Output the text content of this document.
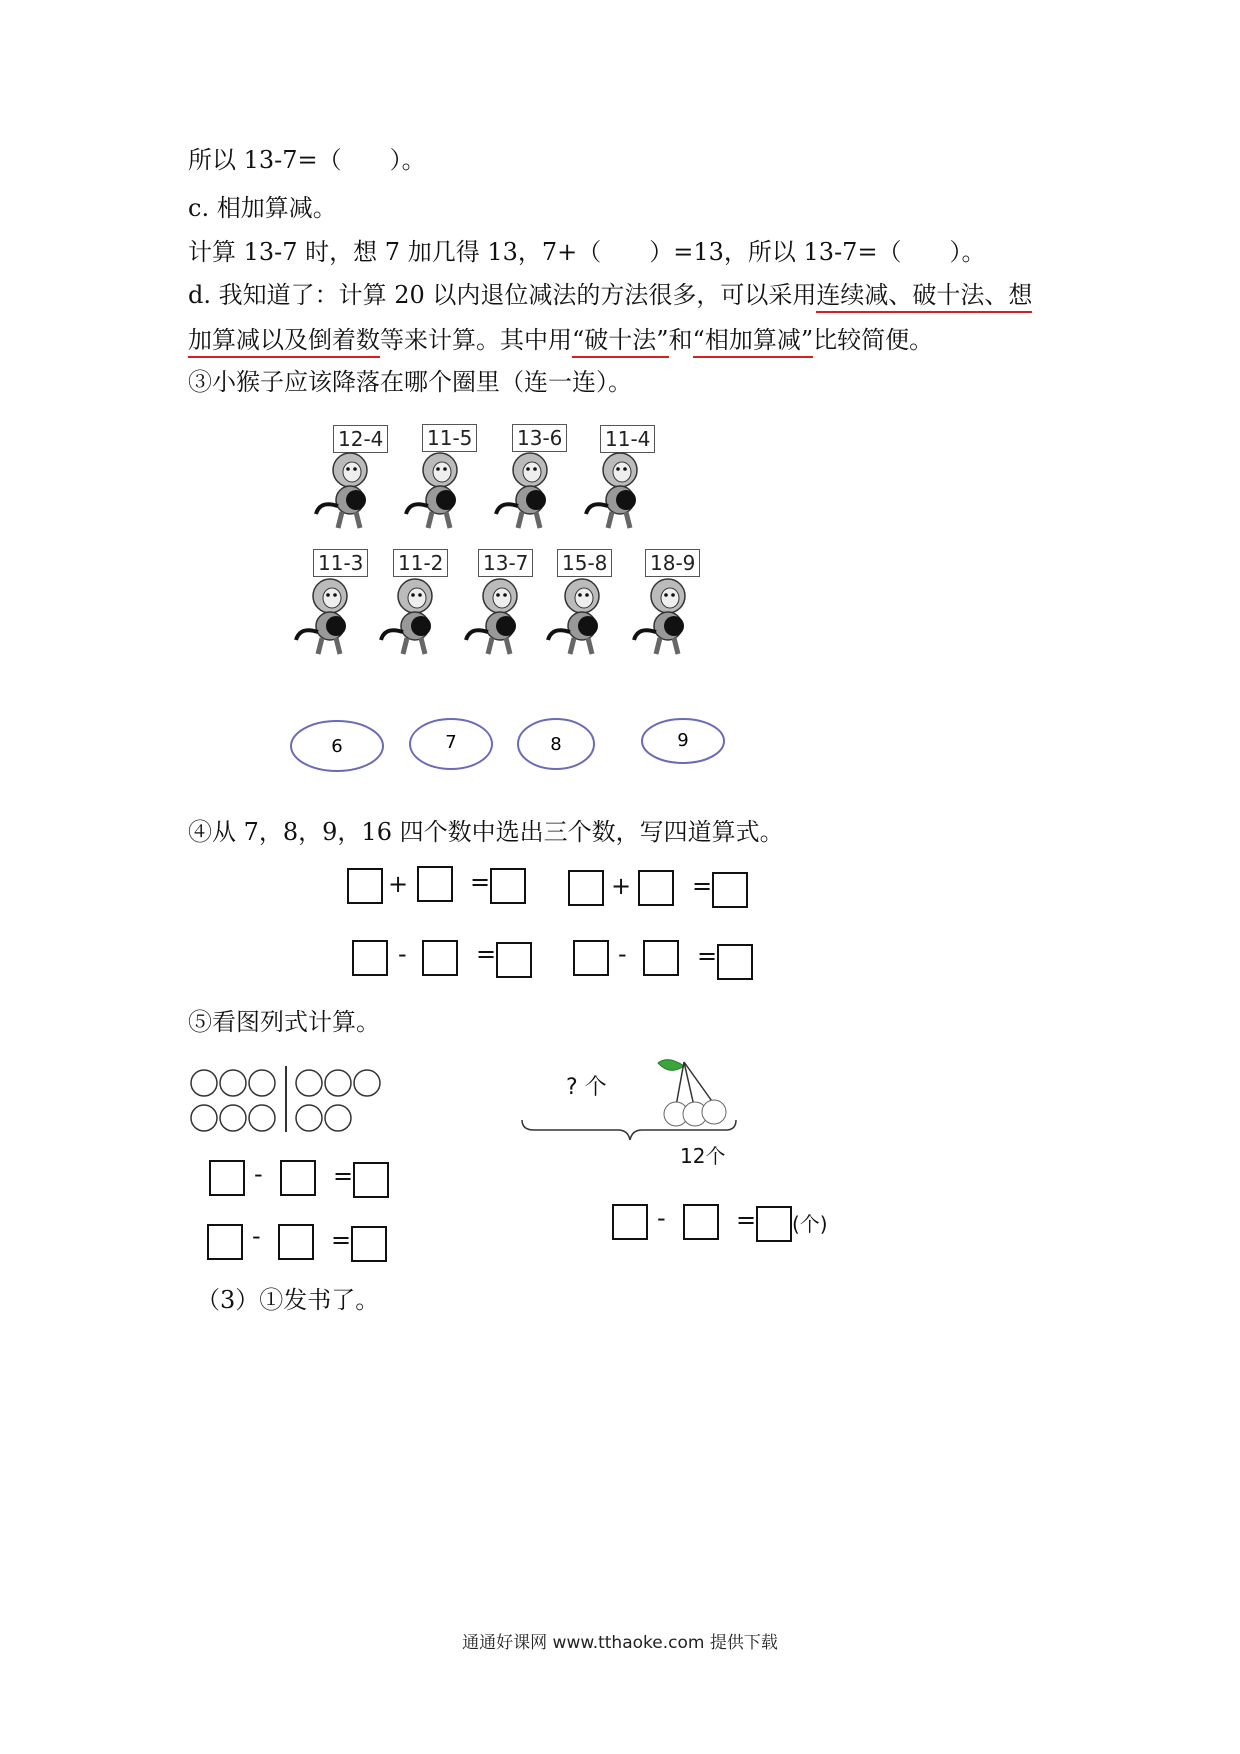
所以 13-7=（　　）。
c. 相加算减。
计算 13-7 时，想 7 加几得 13，7+（　　）=13，所以 13-7=（　　）。
d. 我知道了：计算 20 以内退位减法的方法很多，可以采用连续减、破十法、想
加算减以及倒着数等来计算。其中用“破十法”和“相加算减”比较简便。
③小猴子应该降落在哪个圈里（连一连）。
12-4 11-5 13-6 11-4
11-3 11-2 13-7 15-8 18-9
6	7	8	9
④从 7，8，9，16 四个数中选出三个数，写四道算式。
+	=	+	=
-	=	-	=
⑤看图列式计算。
? 个
12个
-	=
-	=
-	= (个)
（3）①发书了。
通通好课网 www.tthaoke.com 提供下载
